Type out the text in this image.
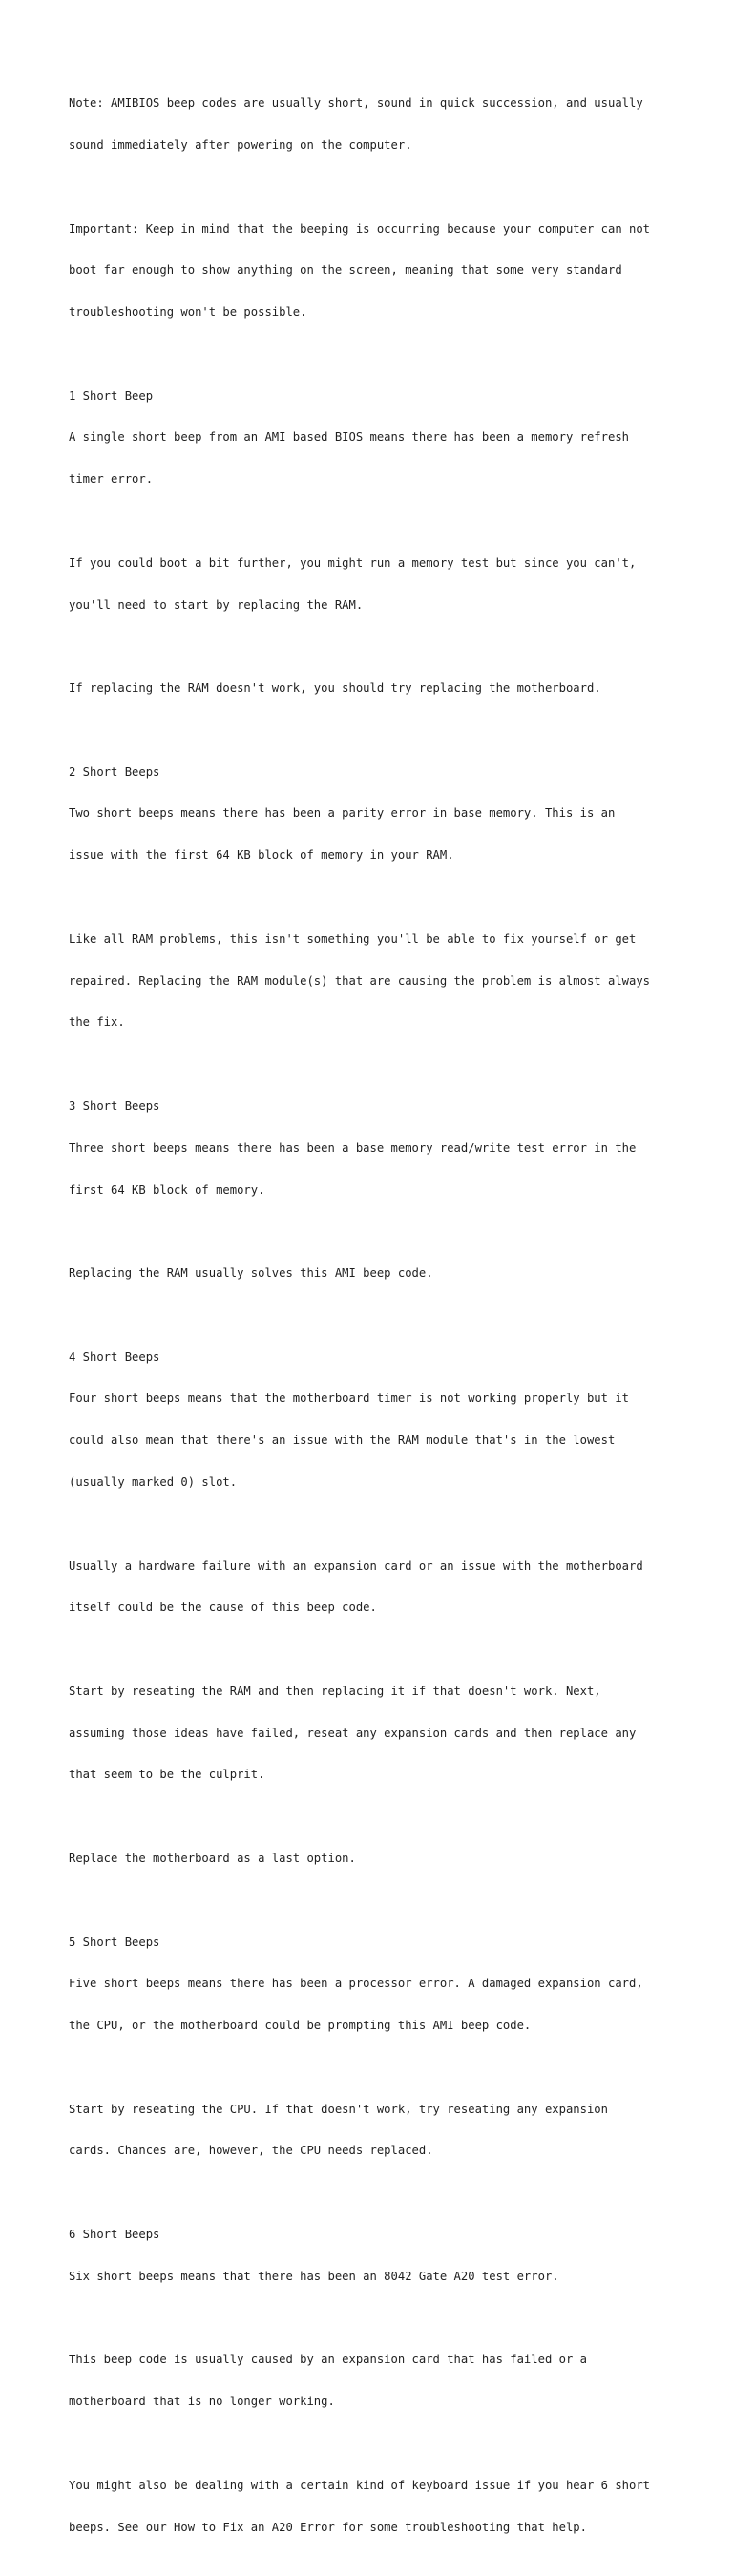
Note: AMIBIOS beep codes are usually short, sound in quick succession, and usually

sound immediately after powering on the computer.

Important: Keep in mind that the beeping is occurring because your computer can not

boot far enough to show anything on the screen, meaning that some very standard

troubleshooting won't be possible.

1 Short Beep

A single short beep from an AMI based BIOS means there has been a memory refresh

timer error.

If you could boot a bit further, you might run a memory test but since you can't,

you'll need to start by replacing the RAM.

If replacing the RAM doesn't work, you should try replacing the motherboard.

2 Short Beeps

Two short beeps means there has been a parity error in base memory. This is an

issue with the first 64 KB block of memory in your RAM.

Like all RAM problems, this isn't something you'll be able to fix yourself or get

repaired. Replacing the RAM module(s) that are causing the problem is almost always

the fix.

3 Short Beeps

Three short beeps means there has been a base memory read/write test error in the

first 64 KB block of memory.

Replacing the RAM usually solves this AMI beep code.

4 Short Beeps

Four short beeps means that the motherboard timer is not working properly but it

could also mean that there's an issue with the RAM module that's in the lowest

(usually marked 0) slot.

Usually a hardware failure with an expansion card or an issue with the motherboard

itself could be the cause of this beep code.

Start by reseating the RAM and then replacing it if that doesn't work. Next,

assuming those ideas have failed, reseat any expansion cards and then replace any

that seem to be the culprit.

Replace the motherboard as a last option.

5 Short Beeps

Five short beeps means there has been a processor error. A damaged expansion card,

the CPU, or the motherboard could be prompting this AMI beep code.

Start by reseating the CPU. If that doesn't work, try reseating any expansion

cards. Chances are, however, the CPU needs replaced.

6 Short Beeps

Six short beeps means that there has been an 8042 Gate A20 test error.

This beep code is usually caused by an expansion card that has failed or a

motherboard that is no longer working.

You might also be dealing with a certain kind of keyboard issue if you hear 6 short

beeps. See our How to Fix an A20 Error for some troubleshooting that help.
